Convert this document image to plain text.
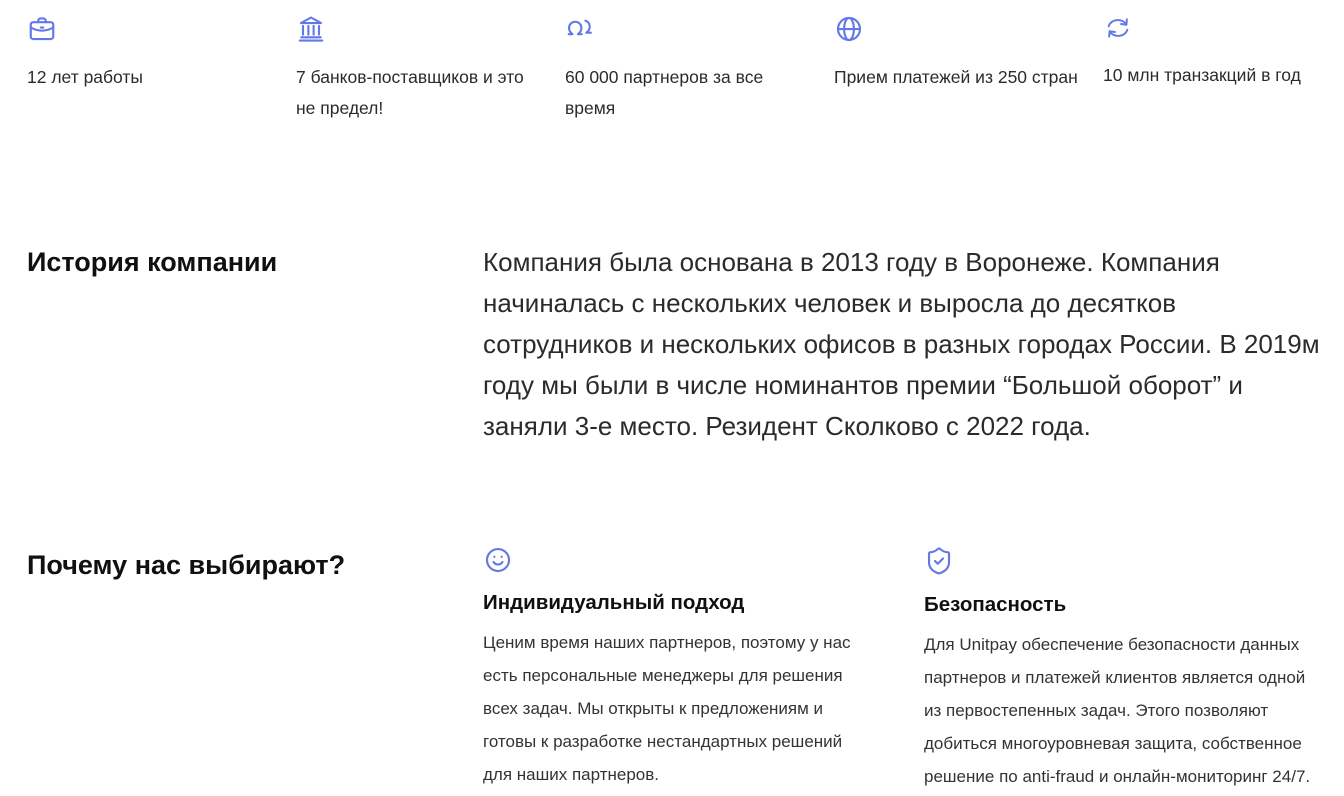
12 лет работы	7 банков-поставщиков и это не предел!
60 000 партнеров за все время
Прием платежей из 250 стран 10 млн транзакций в год
История компании	Компания была основана в 2013 году в Воронеже. Компания начиналась с нескольких человек и выросла до десятков сотрудников и нескольких офисов в разных городах России. В 2019м году мы были в числе номинантов премии “Большой оборот” и заняли 3-е место. Резидент Сколково с 2022 года.

Почему нас выбирают?
Индивидуальный подход

Ценим время наших партнеров, поэтому у нас есть персональные менеджеры для решения всех задач. Мы открыты к предложениям и готовы к разработке нестандартных решений для наших партнеров.

Безопасность

Для Unitpay обеспечение безопасности данных партнеров и платежей клиентов является одной из первостепенных задач. Этого позволяют добиться многоуровневая защита, собственное решение по anti-fraud и онлайн-мониторинг 24/7.
